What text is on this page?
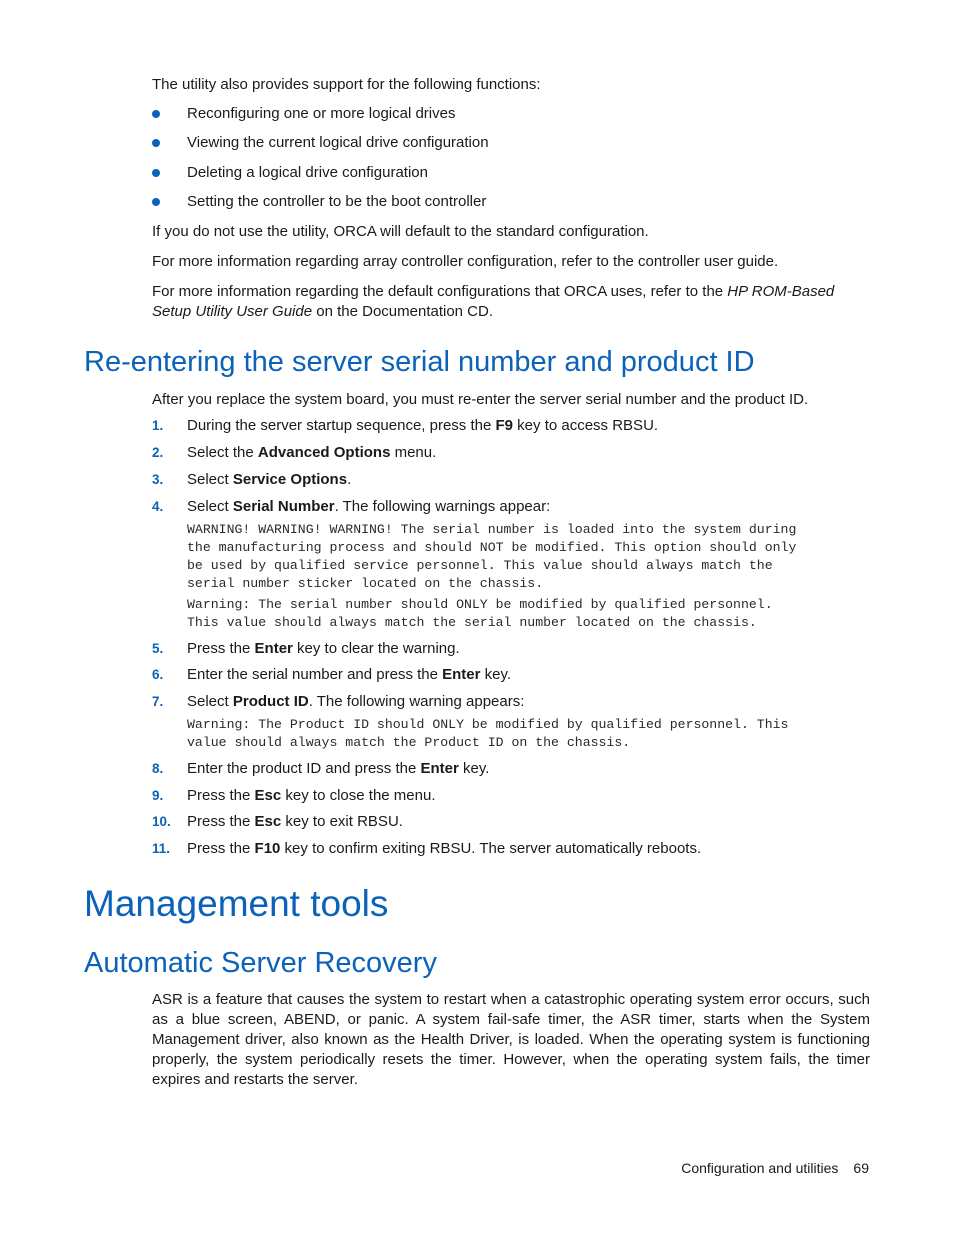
The utility also provides support for the following functions:

Reconfiguring one or more logical drives
Viewing the current logical drive configuration
Deleting a logical drive configuration
Setting the controller to be the boot controller

If you do not use the utility, ORCA will default to the standard configuration.

For more information regarding array controller configuration, refer to the controller user guide.

For more information regarding the default configurations that ORCA uses, refer to the HP ROM-Based Setup Utility User Guide on the Documentation CD.

Re-entering the server serial number and product ID

After you replace the system board, you must re-enter the server serial number and the product ID.

1. During the server startup sequence, press the F9 key to access RBSU.
2. Select the Advanced Options menu.
3. Select Service Options.
4. Select Serial Number. The following warnings appear:
WARNING! WARNING! WARNING! The serial number is loaded into the system during
the manufacturing process and should NOT be modified. This option should only
be used by qualified service personnel. This value should always match the
serial number sticker located on the chassis.
Warning: The serial number should ONLY be modified by qualified personnel.
This value should always match the serial number located on the chassis.
5. Press the Enter key to clear the warning.
6. Enter the serial number and press the Enter key.
7. Select Product ID. The following warning appears:
Warning: The Product ID should ONLY be modified by qualified personnel. This
value should always match the Product ID on the chassis.
8. Enter the product ID and press the Enter key.
9. Press the Esc key to close the menu.
10. Press the Esc key to exit RBSU.
11. Press the F10 key to confirm exiting RBSU. The server automatically reboots.
Management tools
Automatic Server Recovery

ASR is a feature that causes the system to restart when a catastrophic operating system error occurs, such as a blue screen, ABEND, or panic. A system fail-safe timer, the ASR timer, starts when the System Management driver, also known as the Health Driver, is loaded. When the operating system is functioning properly, the system periodically resets the timer. However, when the operating system fails, the timer expires and restarts the server.

Configuration and utilities 69
